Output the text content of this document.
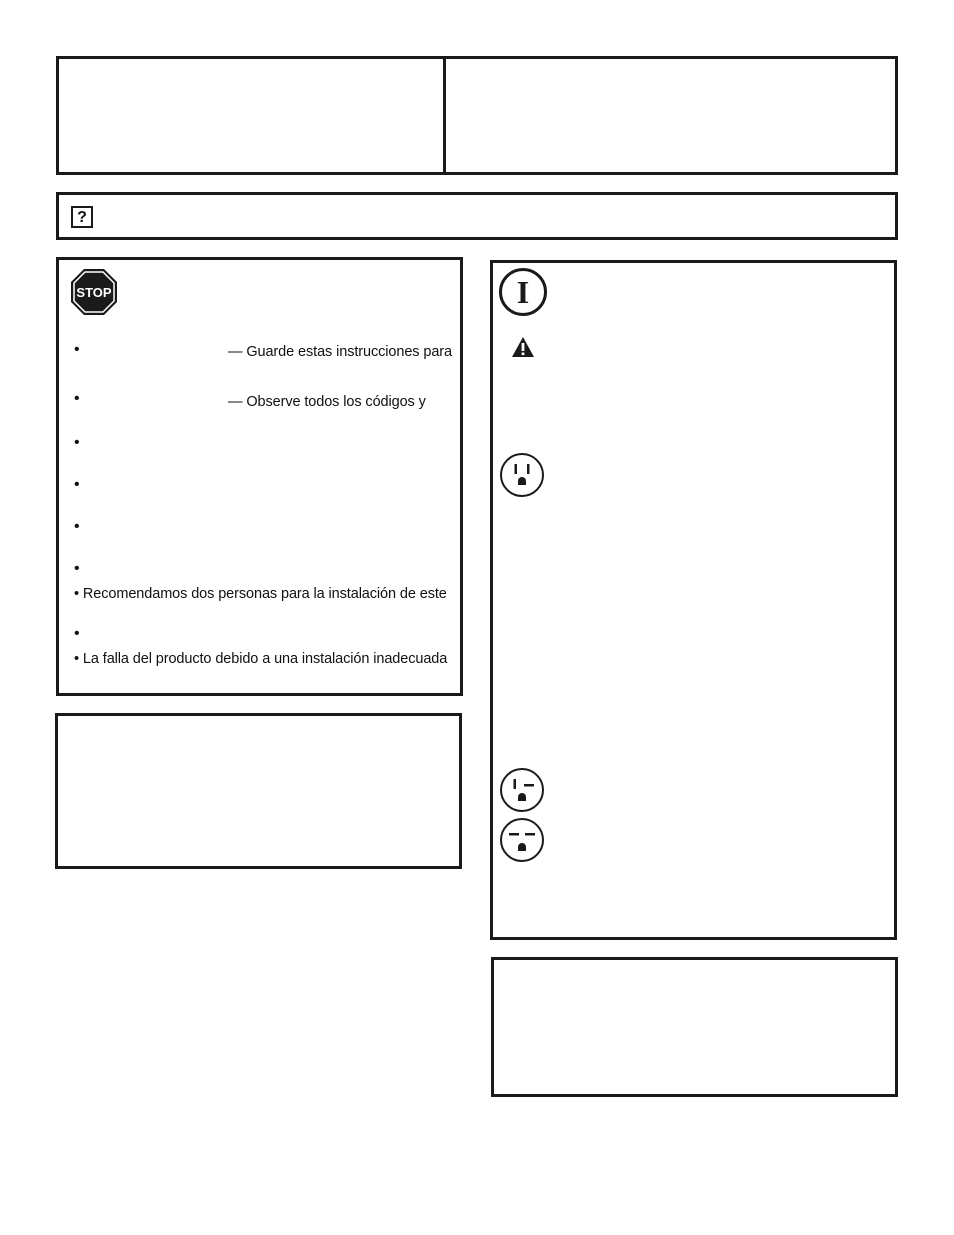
?
STOP
•	— Guarde estas instrucciones para
•	— Observe todos los códigos y
•
•
•
•
• Recomendamos dos personas para la instalación de este
•
• La falla del producto debido a una instalación inadecuada
I
